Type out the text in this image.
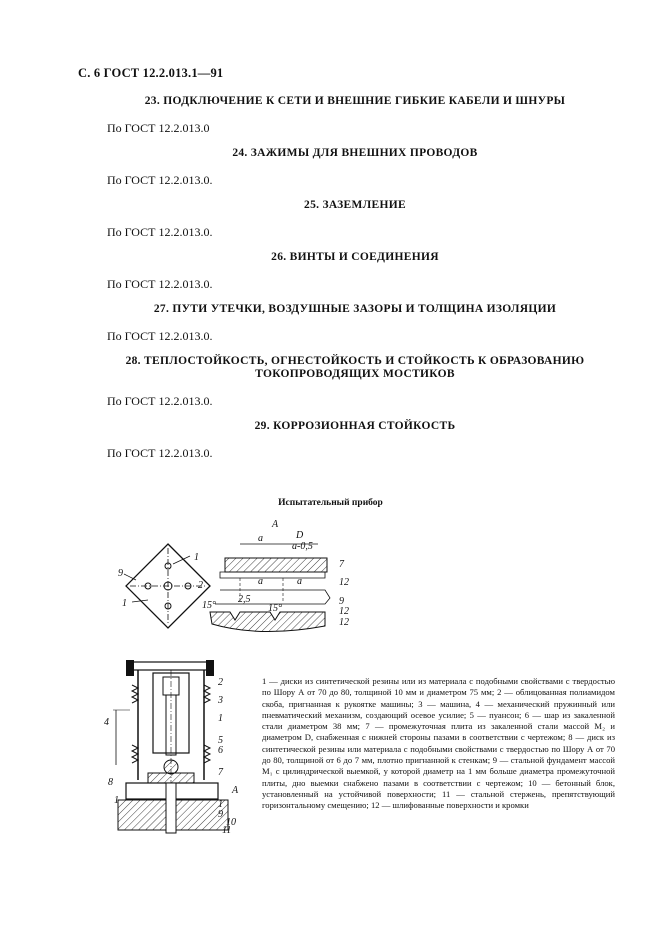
С. 6 ГОСТ 12.2.013.1—91
23. ПОДКЛЮЧЕНИЕ К СЕТИ И ВНЕШНИЕ ГИБКИЕ КАБЕЛИ И ШНУРЫ
По ГОСТ 12.2.013.0
24. ЗАЖИМЫ ДЛЯ ВНЕШНИХ ПРОВОДОВ
По ГОСТ 12.2.013.0.
25. ЗАЗЕМЛЕНИЕ
По ГОСТ 12.2.013.0.
26. ВИНТЫ И СОЕДИНЕНИЯ
По ГОСТ 12.2.013.0.
27. ПУТИ УТЕЧКИ, ВОЗДУШНЫЕ ЗАЗОРЫ И ТОЛЩИНА ИЗОЛЯЦИИ
По ГОСТ 12.2.013.0.
28. ТЕПЛОСТОЙКОСТЬ, ОГНЕСТОЙКОСТЬ И СТОЙКОСТЬ К ОБРАЗОВАНИЮ
ТОКОПРОВОДЯЩИХ МОСТИКОВ
По ГОСТ 12.2.013.0.
29. КОРРОЗИОННАЯ СТОЙКОСТЬ
По ГОСТ 12.2.013.0.
Испытательный прибор
1
2
9
1
A
a	D
a-0,5
a	a
2,5
15°	15°
7
12
9
12
12
2
3
1
4
5
6
7
8
A
1	1
9
10
11
1 — диски из синтетической резины или из материала с подобными свойствами с твердостью по Шору А от 70 до 80, толщиной 10 мм и диаметром 75 мм; 2 — облицованная полиамидом скоба, пригнанная к рукоятке машины; 3 — машина, 4 — механический пружинный или пневматический механизм, создающий осевое усилие; 5 — пуансон; 6 — шар из закаленной стали диаметром 38 мм; 7 — промежуточная плита из закаленной стали массой M₂ и диаметром D, снабженная с нижней стороны пазами в соответствии с чертежом; 8 — диск из синтетической резины или материала с подобными свойствами с твердостью по Шору А от 70 до 80, толщиной от 6 до 7 мм, плотно пригнанной к стенкам; 9 — стальной фундамент массой M₁ с цилиндрической выемкой, у которой диаметр на 1 мм больше диаметра промежуточной плиты, дно выемки снабжено пазами в соответствии с чертежом; 10 — бетонный блок, установленный на устойчивой поверхности; 11 — стальной стержень, препятствующий горизонтальному смещению; 12 — шлифованные поверхности и кромки
